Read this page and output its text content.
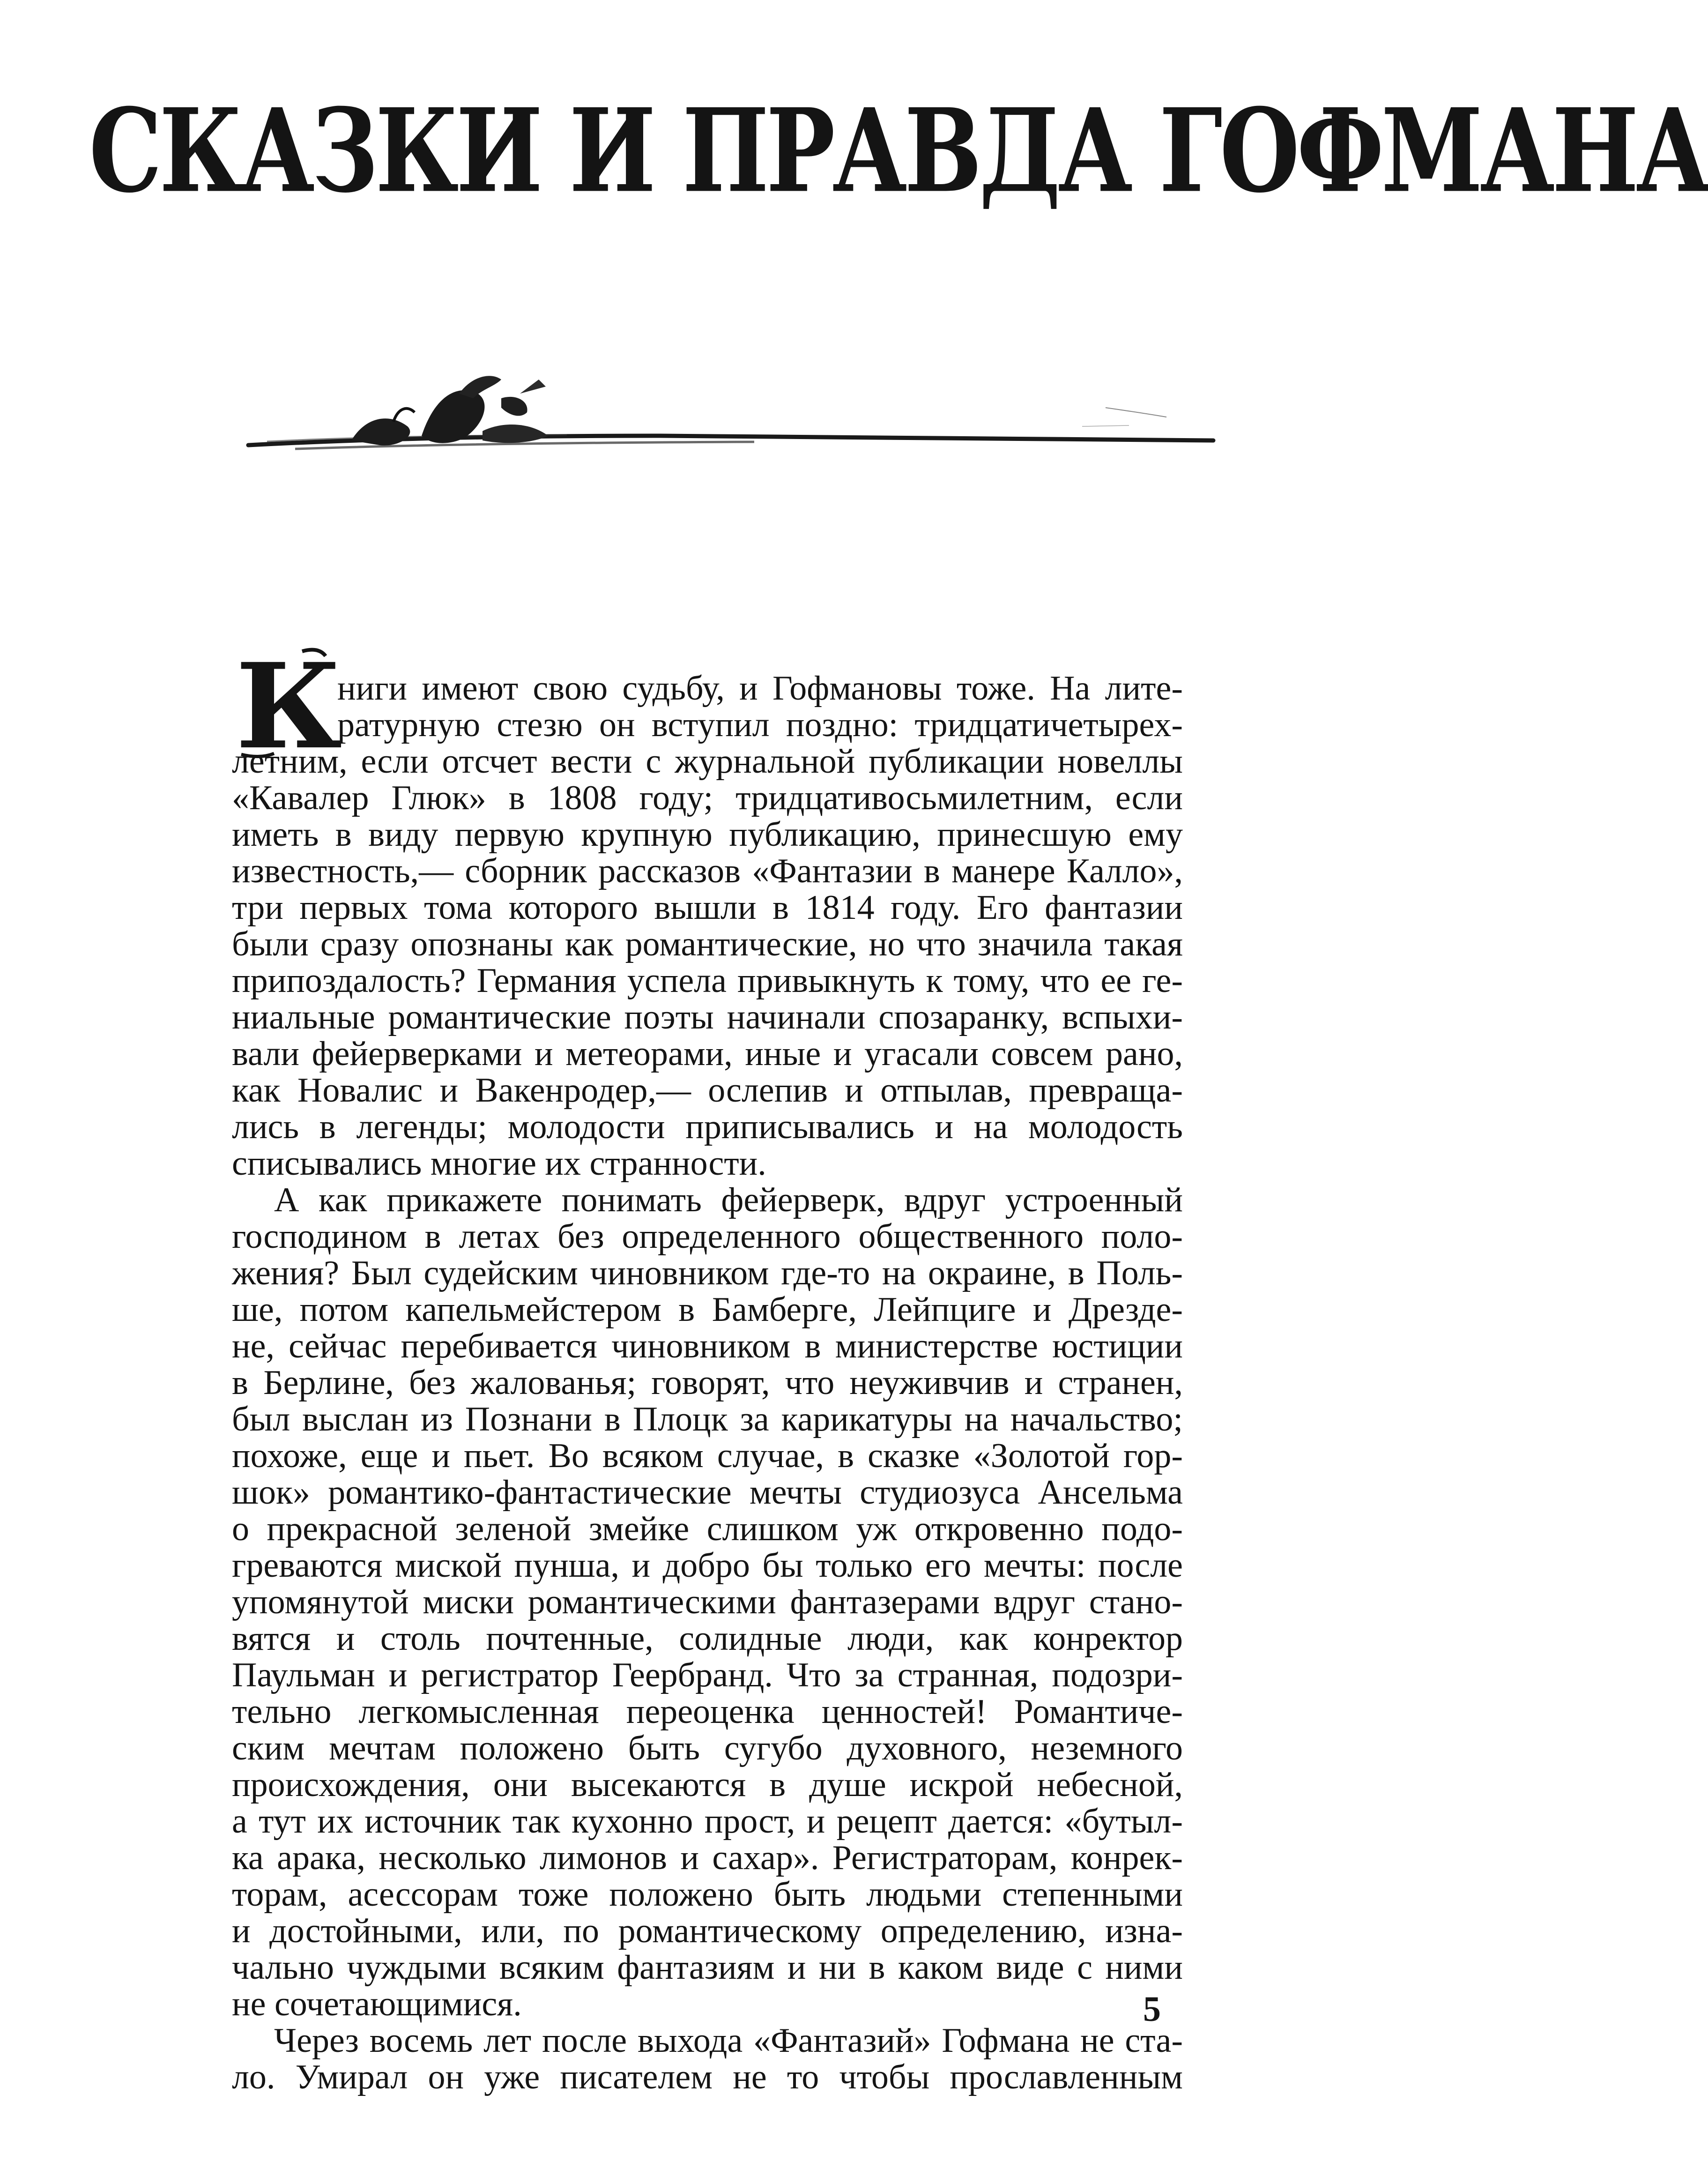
СКАЗКИ И ПРАВДА ГОФМАНА
К
ниги имеют свою судьбу, и Гофмановы тоже. На лите-
ратурную стезю он вступил поздно: тридцатичетырех-
летним, если отсчет вести с журнальной публикации новеллы
«Кавалер Глюк» в 1808 году; тридцативосьмилетним, если
иметь в виду первую крупную публикацию, принесшую ему
известность,— сборник рассказов «Фантазии в манере Калло»,
три первых тома которого вышли в 1814 году. Его фантазии
были сразу опознаны как романтические, но что значила такая
припоздалость? Германия успела привыкнуть к тому, что ее ге-
ниальные романтические поэты начинали спозаранку, вспыхи-
вали фейерверками и метеорами, иные и угасали совсем рано,
как Новалис и Вакенродер,— ослепив и отпылав, превраща-
лись в легенды; молодости приписывались и на молодость
списывались многие их странности.
А как прикажете понимать фейерверк, вдруг устроенный
господином в летах без определенного общественного поло-
жения? Был судейским чиновником где-то на окраине, в Поль-
ше, потом капельмейстером в Бамберге, Лейпциге и Дрезде-
не, сейчас перебивается чиновником в министерстве юстиции
в Берлине, без жалованья; говорят, что неуживчив и странен,
был выслан из Познани в Плоцк за карикатуры на начальство;
похоже, еще и пьет. Во всяком случае, в сказке «Золотой гор-
шок» романтико-фантастические мечты студиозуса Ансельма
о прекрасной зеленой змейке слишком уж откровенно подо-
греваются миской пунша, и добро бы только его мечты: после
упомянутой миски романтическими фантазерами вдруг стано-
вятся и столь почтенные, солидные люди, как конректор
Паульман и регистратор Геербранд. Что за странная, подозри-
тельно легкомысленная переоценка ценностей! Романтиче-
ским мечтам положено быть сугубо духовного, неземного
происхождения, они высекаются в душе искрой небесной,
а тут их источник так кухонно прост, и рецепт дается: «бутыл-
ка арака, несколько лимонов и сахар». Регистраторам, конрек-
торам, асессорам тоже положено быть людьми степенными
и достойными, или, по романтическому определению, изна-
чально чуждыми всяким фантазиям и ни в каком виде с ними
не сочетающимися.
Через восемь лет после выхода «Фантазий» Гофмана не ста-
ло. Умирал он уже писателем не то чтобы прославленным
5
